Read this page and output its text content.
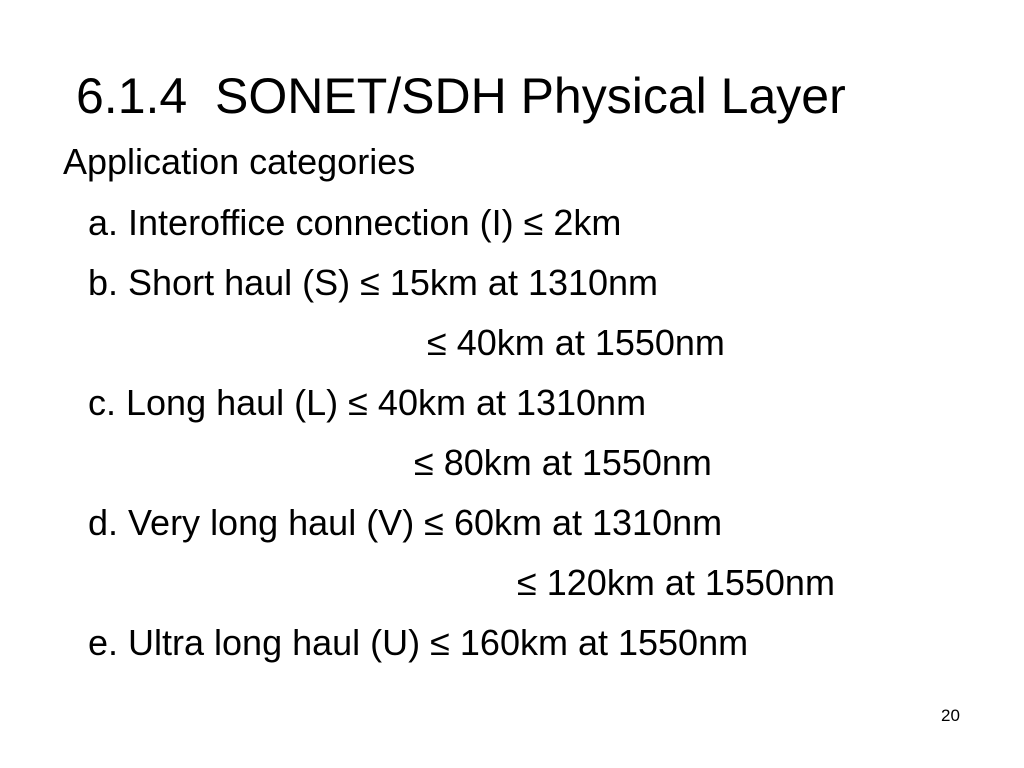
6.1.4  SONET/SDH Physical Layer
Application categories
a. Interoffice connection (I) ≤ 2km
b. Short haul (S) ≤ 15km at 1310nm
≤ 40km at 1550nm
c. Long haul (L) ≤ 40km at 1310nm
≤ 80km at 1550nm
d. Very long haul (V) ≤ 60km at 1310nm
≤ 120km at 1550nm
e. Ultra long haul (U) ≤ 160km at 1550nm
20
